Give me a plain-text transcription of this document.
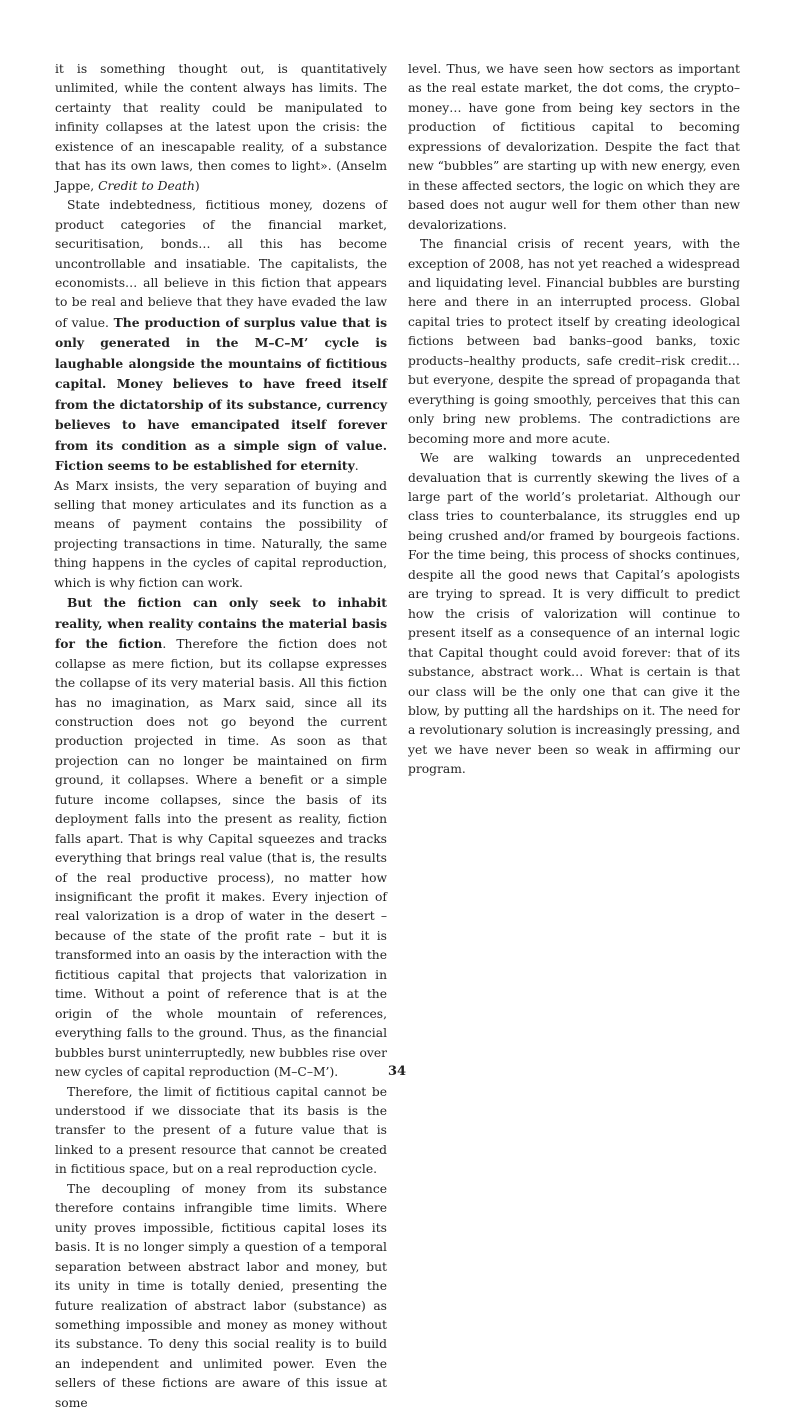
it is something thought out, is quantitatively unlimited, while the content always has limits. The certainty that reality could be manipulated to infinity collapses at the latest upon the crisis: the existence of an inescapable reality, of a substance that has its own laws, then comes to light». (Anselm Jappe, Credit to Death)

State indebtedness, fictitious money, dozens of product categories of the financial market, securitisation, bonds… all this has become uncontrollable and insatiable. The capitalists, the economists… all believe in this fiction that appears to be real and believe that they have evaded the law of value. The production of surplus value that is only generated in the M–C–M’ cycle is laughable alongside the mountains of fictitious capital. Money believes to have freed itself from the dictatorship of its substance, currency believes to have emancipated itself forever from its condition as a simple sign of value. Fiction seems to be established for eternity.

As Marx insists, the very separation of buying and selling that money articulates and its function as a means of payment contains the possibility of projecting transactions in time. Naturally, the same thing happens in the cycles of capital reproduction, which is why fiction can work.

But the fiction can only seek to inhabit reality, when reality contains the material basis for the fiction. Therefore the fiction does not collapse as mere fiction, but its collapse expresses the collapse of its very material basis. All this fiction has no imagination, as Marx said, since all its construction does not go beyond the current production projected in time. As soon as that projection can no longer be maintained on firm ground, it collapses. Where a benefit or a simple future income collapses, since the basis of its deployment falls into the present as reality, fiction falls apart. That is why Capital squeezes and tracks everything that brings real value (that is, the results of the real productive process), no matter how insignificant the profit it makes. Every injection of real valorization is a drop of water in the desert – because of the state of the profit rate – but it is transformed into an oasis by the interaction with the fictitious capital that projects that valorization in time. Without a point of reference that is at the origin of the whole mountain of references, everything falls to the ground. Thus, as the financial bubbles burst uninterruptedly, new bubbles rise over new cycles of capital reproduction (M–C–M’).

Therefore, the limit of fictitious capital cannot be understood if we dissociate that its basis is the transfer to the present of a future value that is linked to a present resource that cannot be created in fictitious space, but on a real reproduction cycle.

The decoupling of money from its substance therefore contains infrangible time limits. Where unity proves impossible, fictitious capital loses its basis. It is no longer simply a question of a temporal separation between abstract labor and money, but its unity in time is totally denied, presenting the future realization of abstract labor (substance) as something impossible and money as money without its substance. To deny this social reality is to build an independent and unlimited power. Even the sellers of these fictions are aware of this issue at some

level. Thus, we have seen how sectors as important as the real estate market, the dot coms, the crypto–money… have gone from being key sectors in the production of fictitious capital to becoming expressions of devalorization. Despite the fact that new “bubbles” are starting up with new energy, even in these affected sectors, the logic on which they are based does not augur well for them other than new devalorizations.

The financial crisis of recent years, with the exception of 2008, has not yet reached a widespread and liquidating level. Financial bubbles are bursting here and there in an interrupted process. Global capital tries to protect itself by creating ideological fictions between bad banks–good banks, toxic products–healthy products, safe credit–risk credit… but everyone, despite the spread of propaganda that everything is going smoothly, perceives that this can only bring new problems. The contradictions are becoming more and more acute.

We are walking towards an unprecedented devaluation that is currently skewing the lives of a large part of the world’s proletariat. Although our class tries to counterbalance, its struggles end up being crushed and/or framed by bourgeois factions. For the time being, this process of shocks continues, despite all the good news that Capital’s apologists are trying to spread. It is very difficult to predict how the crisis of valorization will continue to present itself as a consequence of an internal logic that Capital thought could avoid forever: that of its substance, abstract work… What is certain is that our class will be the only one that can give it the blow, by putting all the hardships on it. The need for a revolutionary solution is increasingly pressing, and yet we have never been so weak in affirming our program.

34
